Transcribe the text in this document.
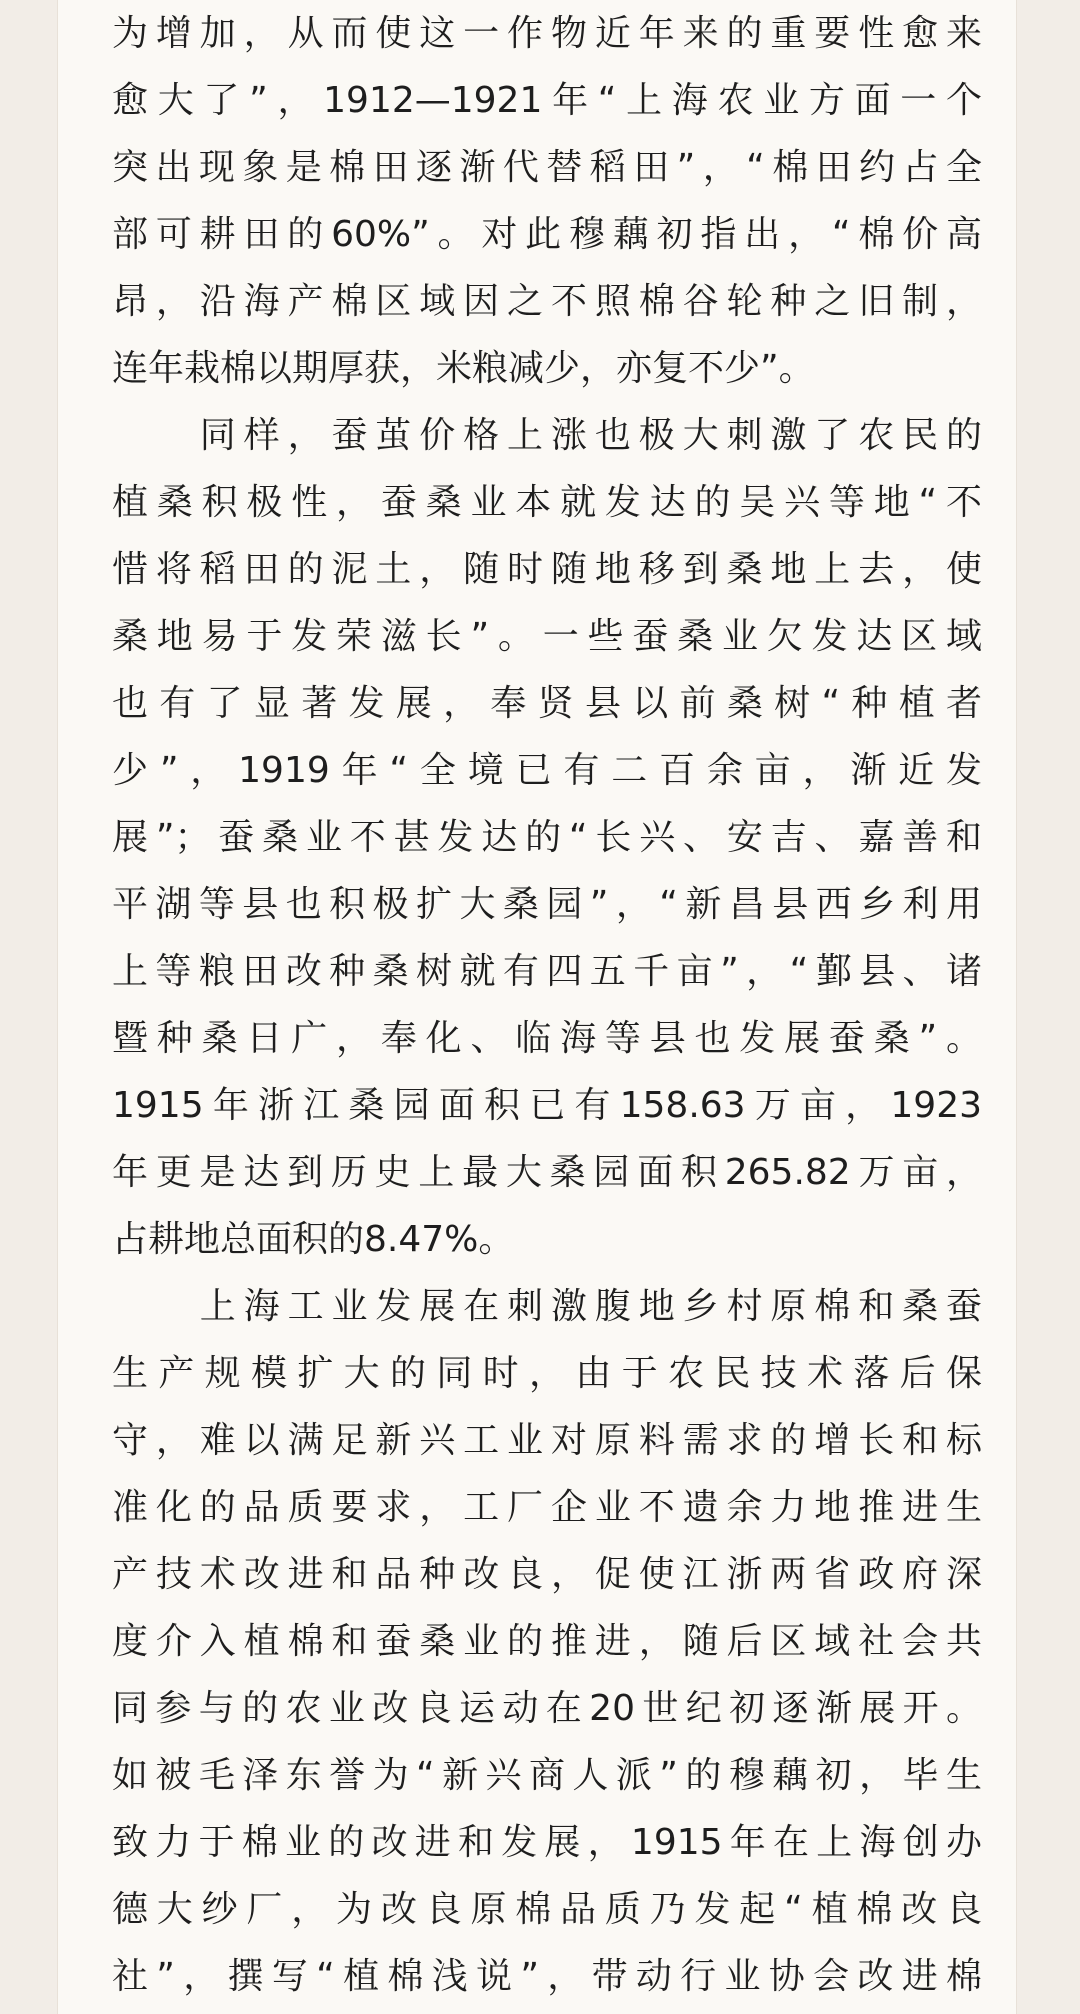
为增加，从而使这一作物近年来的重要性愈来
愈大了”，1912—1921年“上海农业方面一个
突出现象是棉田逐渐代替稻田”，“棉田约占全
部可耕田的60%”。对此穆藕初指出，“棉价高
昂，沿海产棉区域因之不照棉谷轮种之旧制，
连年栽棉以期厚获，米粮减少，亦复不少”。
　　同样，蚕茧价格上涨也极大刺激了农民的
植桑积极性，蚕桑业本就发达的吴兴等地“不
惜将稻田的泥土，随时随地移到桑地上去，使
桑地易于发荣滋长”。一些蚕桑业欠发达区域
也有了显著发展，奉贤县以前桑树“种植者
少”，1919年“全境已有二百余亩，渐近发
展”；蚕桑业不甚发达的“长兴、安吉、嘉善和
平湖等县也积极扩大桑园”，“新昌县西乡利用
上等粮田改种桑树就有四五千亩”，“鄞县、诸
暨种桑日广，奉化、临海等县也发展蚕桑”。
1915年浙江桑园面积已有158.63万亩，1923
年更是达到历史上最大桑园面积265.82万亩，
占耕地总面积的8.47%。
　　上海工业发展在刺激腹地乡村原棉和桑蚕
生产规模扩大的同时，由于农民技术落后保
守，难以满足新兴工业对原料需求的增长和标
准化的品质要求，工厂企业不遗余力地推进生
产技术改进和品种改良，促使江浙两省政府深
度介入植棉和蚕桑业的推进，随后区域社会共
同参与的农业改良运动在20世纪初逐渐展开。
如被毛泽东誉为“新兴商人派”的穆藕初，毕生
致力于棉业的改进和发展，1915年在上海创办
德大纱厂，为改良原棉品质乃发起“植棉改良
社”，撰写“植棉浅说”，带动行业协会改进棉
